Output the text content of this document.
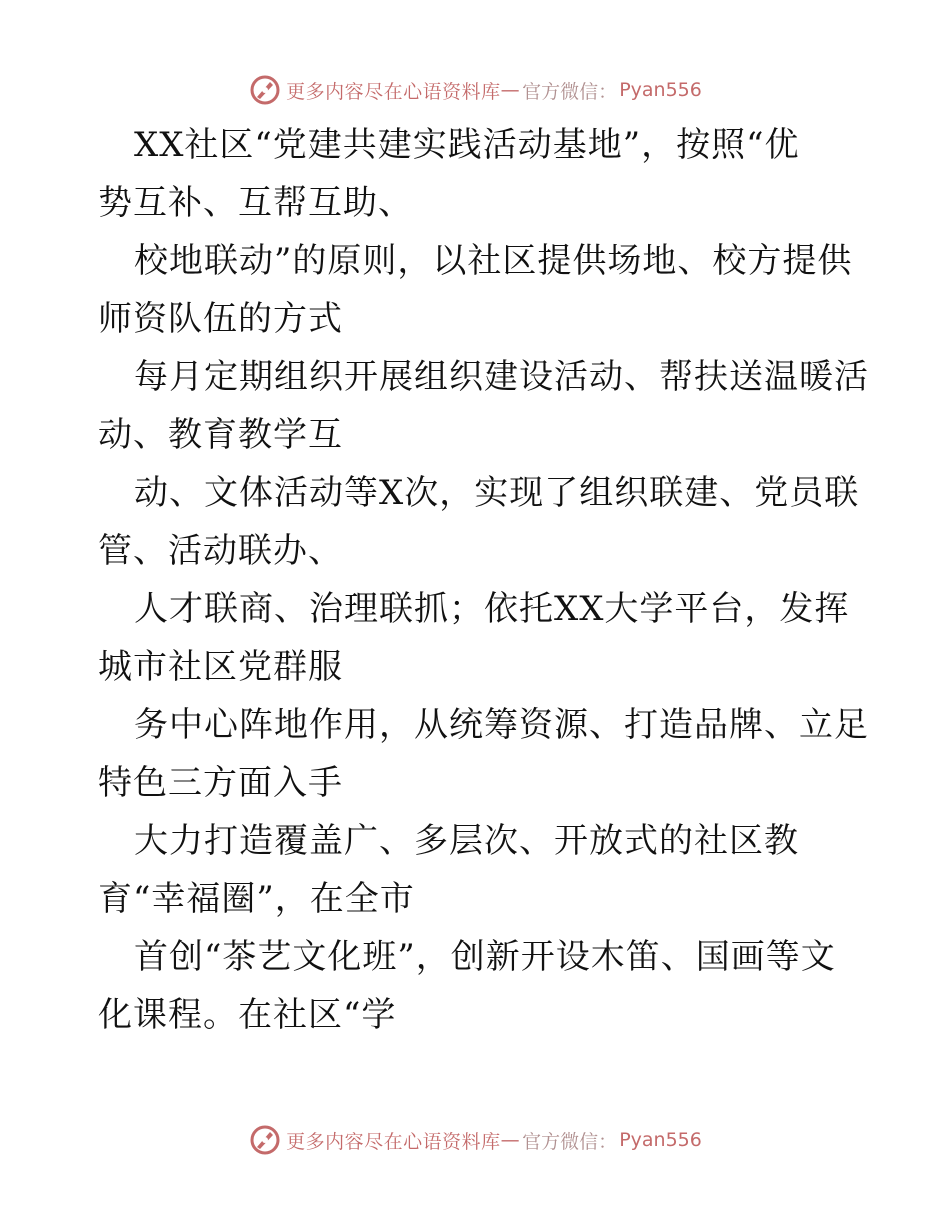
更多内容尽在心语资料库 — 官方微信： Pyan556
XX社区“党建共建实践活动基地”，按照“优
势互补、互帮互助、
校地联动”的原则，以社区提供场地、校方提供
师资队伍的方式
每月定期组织开展组织建设活动、帮扶送温暖活
动、教育教学互
动、文体活动等X次，实现了组织联建、党员联
管、活动联办、
人才联商、治理联抓；依托XX大学平台，发挥
城市社区党群服
务中心阵地作用，从统筹资源、打造品牌、立足
特色三方面入手
大力打造覆盖广、多层次、开放式的社区教
育“幸福圈”，在全市
首创“茶艺文化班”，创新开设木笛、国画等文
化课程。在社区“学
更多内容尽在心语资料库 — 官方微信： Pyan556
